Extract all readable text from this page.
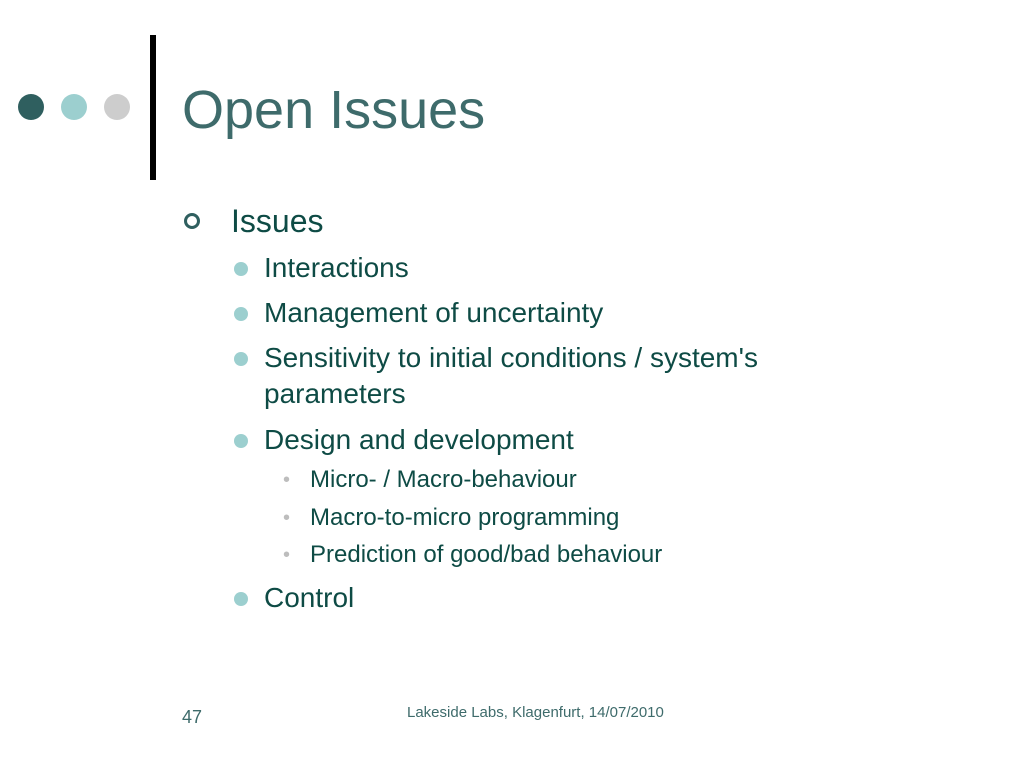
Open Issues
Issues
Interactions
Management of uncertainty
Sensitivity to initial conditions / system's
parameters
Design and development
• Micro- / Macro-behaviour
• Macro-to-micro programming
• Prediction of good/bad behaviour
Control
47	Lakeside Labs, Klagenfurt, 14/07/2010
